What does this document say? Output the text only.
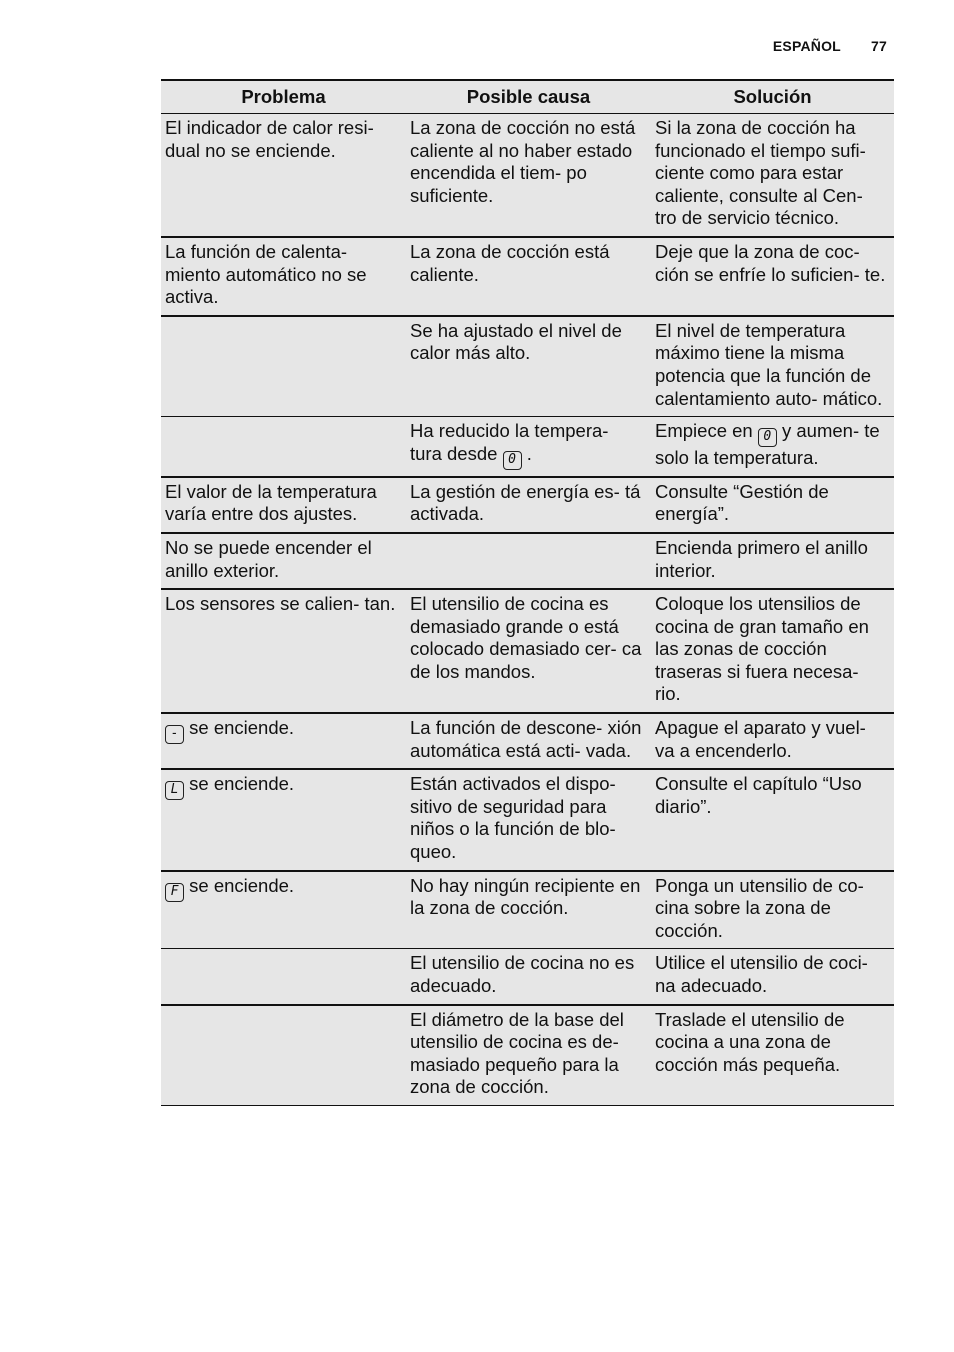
ESPAÑOL 77
Problema	Posible causa	Solución
El indicador de calor resi- dual no se enciende.	La zona de cocción no está caliente al no haber estado encendida el tiem- po suficiente.	Si la zona de cocción ha funcionado el tiempo sufi- ciente como para estar caliente, consulte al Cen- tro de servicio técnico.
La función de calenta- miento automático no se activa.	La zona de cocción está caliente.	Deje que la zona de coc- ción se enfríe lo suficien- te.
	Se ha ajustado el nivel de calor más alto.	El nivel de temperatura máximo tiene la misma potencia que la función de calentamiento auto- mático.
	Ha reducido la tempera- tura desde 0 .	Empiece en 0 y aumen- te solo la temperatura.
El valor de la temperatura varía entre dos ajustes.	La gestión de energía es- tá activada.	Consulte “Gestión de energía”.
No se puede encender el anillo exterior.		Encienda primero el anillo interior.
Los sensores se calien- tan.	El utensilio de cocina es demasiado grande o está colocado demasiado cer- ca de los mandos.	Coloque los utensilios de cocina de gran tamaño en las zonas de cocción traseras si fuera necesa- rio.
- se enciende.	La función de descone- xión automática está acti- vada.	Apague el aparato y vuel- va a encenderlo.
L se enciende.	Están activados el dispo- sitivo de seguridad para niños o la función de blo- queo.	Consulte el capítulo “Uso diario”.
F se enciende.	No hay ningún recipiente en la zona de cocción.	Ponga un utensilio de co- cina sobre la zona de cocción.
	El utensilio de cocina no es adecuado.	Utilice el utensilio de coci- na adecuado.
	El diámetro de la base del utensilio de cocina es de- masiado pequeño para la zona de cocción.	Traslade el utensilio de cocina a una zona de cocción más pequeña.
